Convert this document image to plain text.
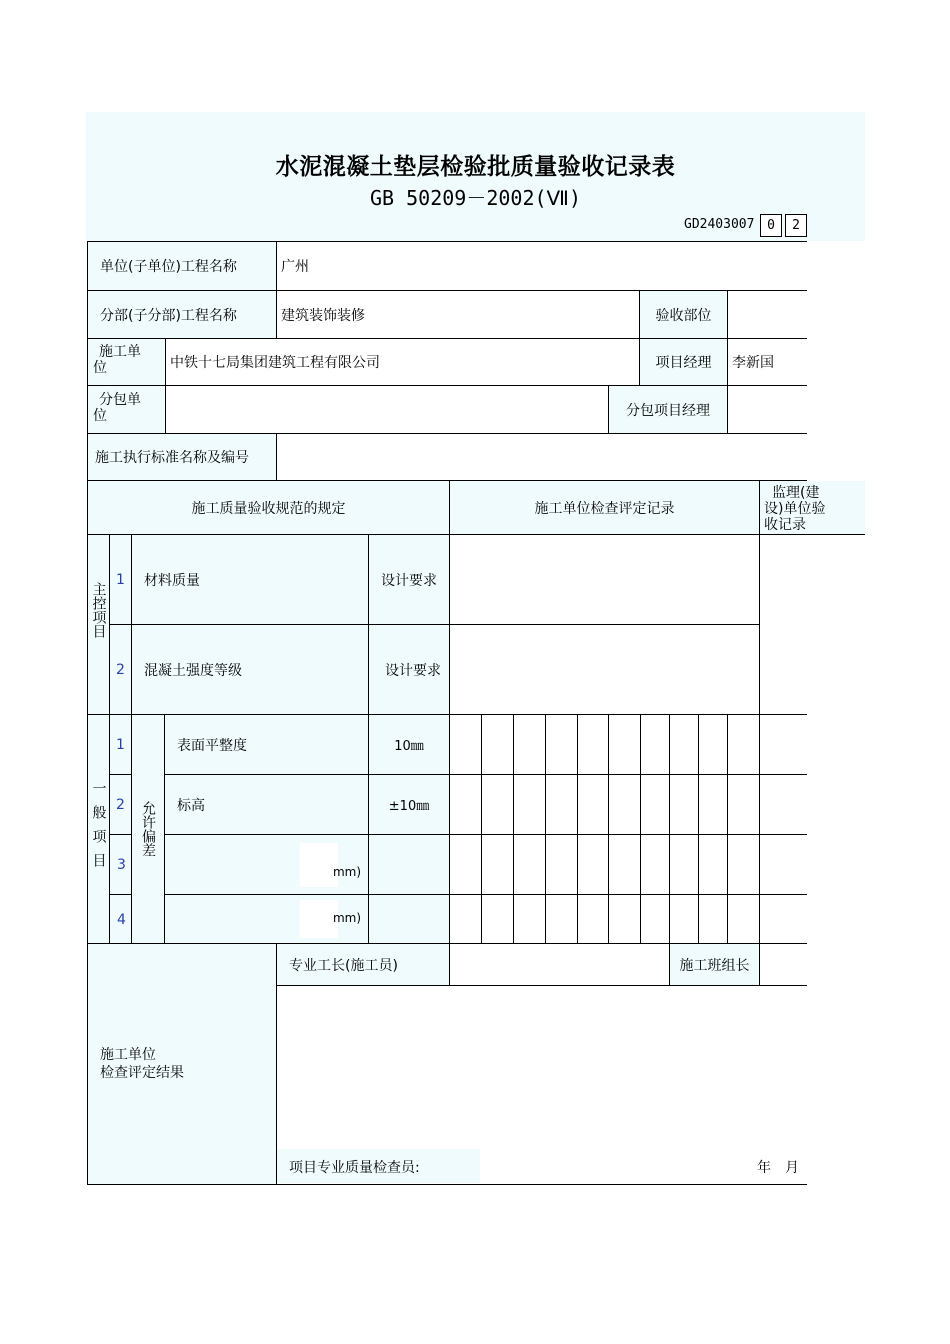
水泥混凝土垫层检验批质量验收记录表
GB 50209－2002(Ⅶ)
GD2403007 0	2
单位(子单位)工程名称	广州
分部(子分部)工程名称	建筑装饰装修	验收部位
施工单位	中铁十七局集团建筑工程有限公司	项目经理 李新国
分包单位	分包项目经理
施工执行标准名称及编号
施工质量验收规范的规定	施工单位检查评定记录
监理(建设)单位验收记录
主控项目
1 材料质量	设计要求
2 混凝土强度等级	设计要求
一般项目 允许偏差
1	表面平整度	10㎜
2	标高	±10㎜
3	mm)
4	mm)
施工单位
检查评定结果
专业工长(施工员)	施工班组长
项目专业质量检查员:	年　月
